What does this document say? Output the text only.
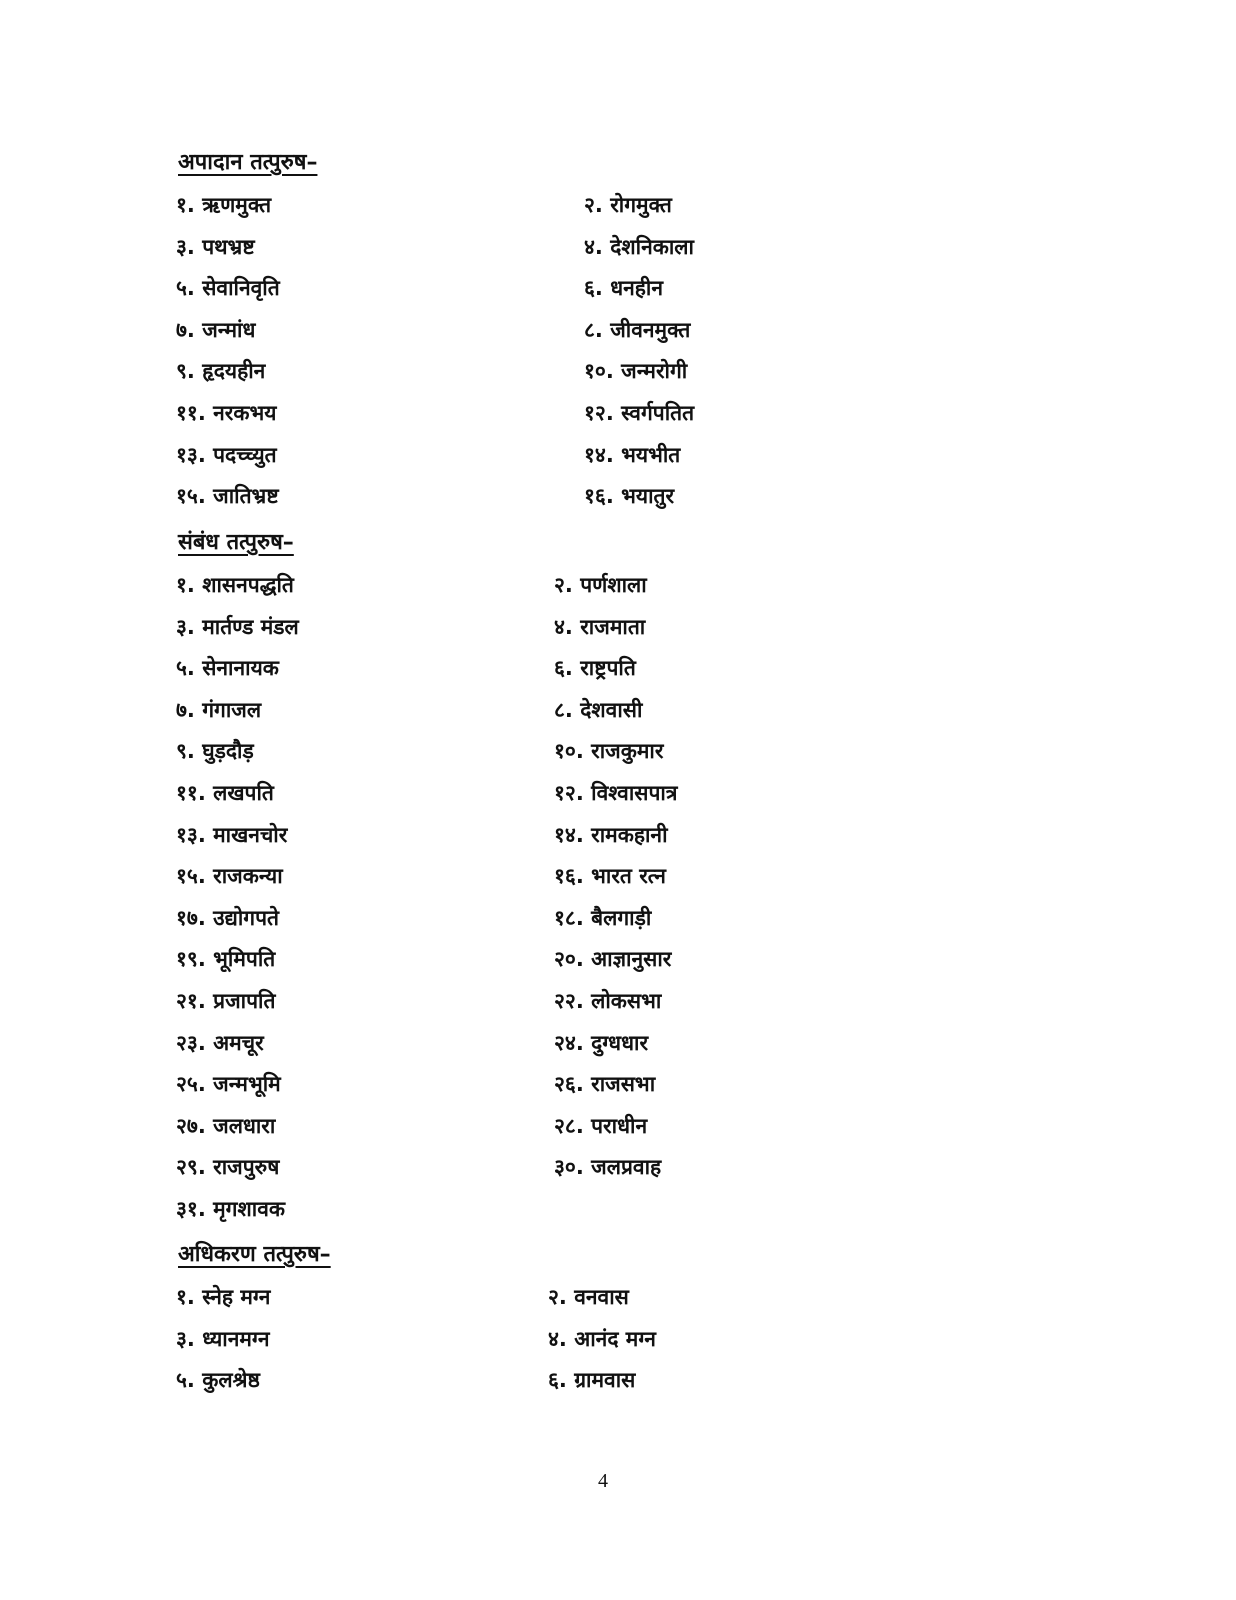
अपादान तत्पुरुष–
१. ऋणमुक्त	२. रोगमुक्त
३. पथभ्रष्ट	४. देशनिकाला
५. सेवानिवृति	६. धनहीन
७. जन्मांध	८. जीवनमुक्त
९. हृदयहीन	१०. जन्मरोगी
११. नरकभय	१२. स्वर्गपतित
१३. पदच्च्युत	१४. भयभीत
१५. जातिभ्रष्ट	१६. भयातुर
संबंध तत्पुरुष–
१. शासनपद्धति	२. पर्णशाला
३. मार्तण्ड मंडल	४. राजमाता
५. सेनानायक	६. राष्ट्रपति
७. गंगाजल	८. देशवासी
९. घुड़दौड़	१०. राजकुमार
११. लखपति	१२. विश्वासपात्र
१३. माखनचोर	१४. रामकहानी
१५. राजकन्या	१६. भारत रत्न
१७. उद्योगपते	१८. बैलगाड़ी
१९. भूमिपति	२०. आज्ञानुसार
२१. प्रजापति	२२. लोकसभा
२३. अमचूर	२४. दुग्धधार
२५. जन्मभूमि	२६. राजसभा
२७. जलधारा	२८. पराधीन
२९. राजपुरुष	३०. जलप्रवाह
३१. मृगशावक
अधिकरण तत्पुरुष–
१. स्नेह मग्न	२. वनवास
३. ध्यानमग्न	४. आनंद मग्न
५. कुलश्रेष्ठ	६. ग्रामवास
4
